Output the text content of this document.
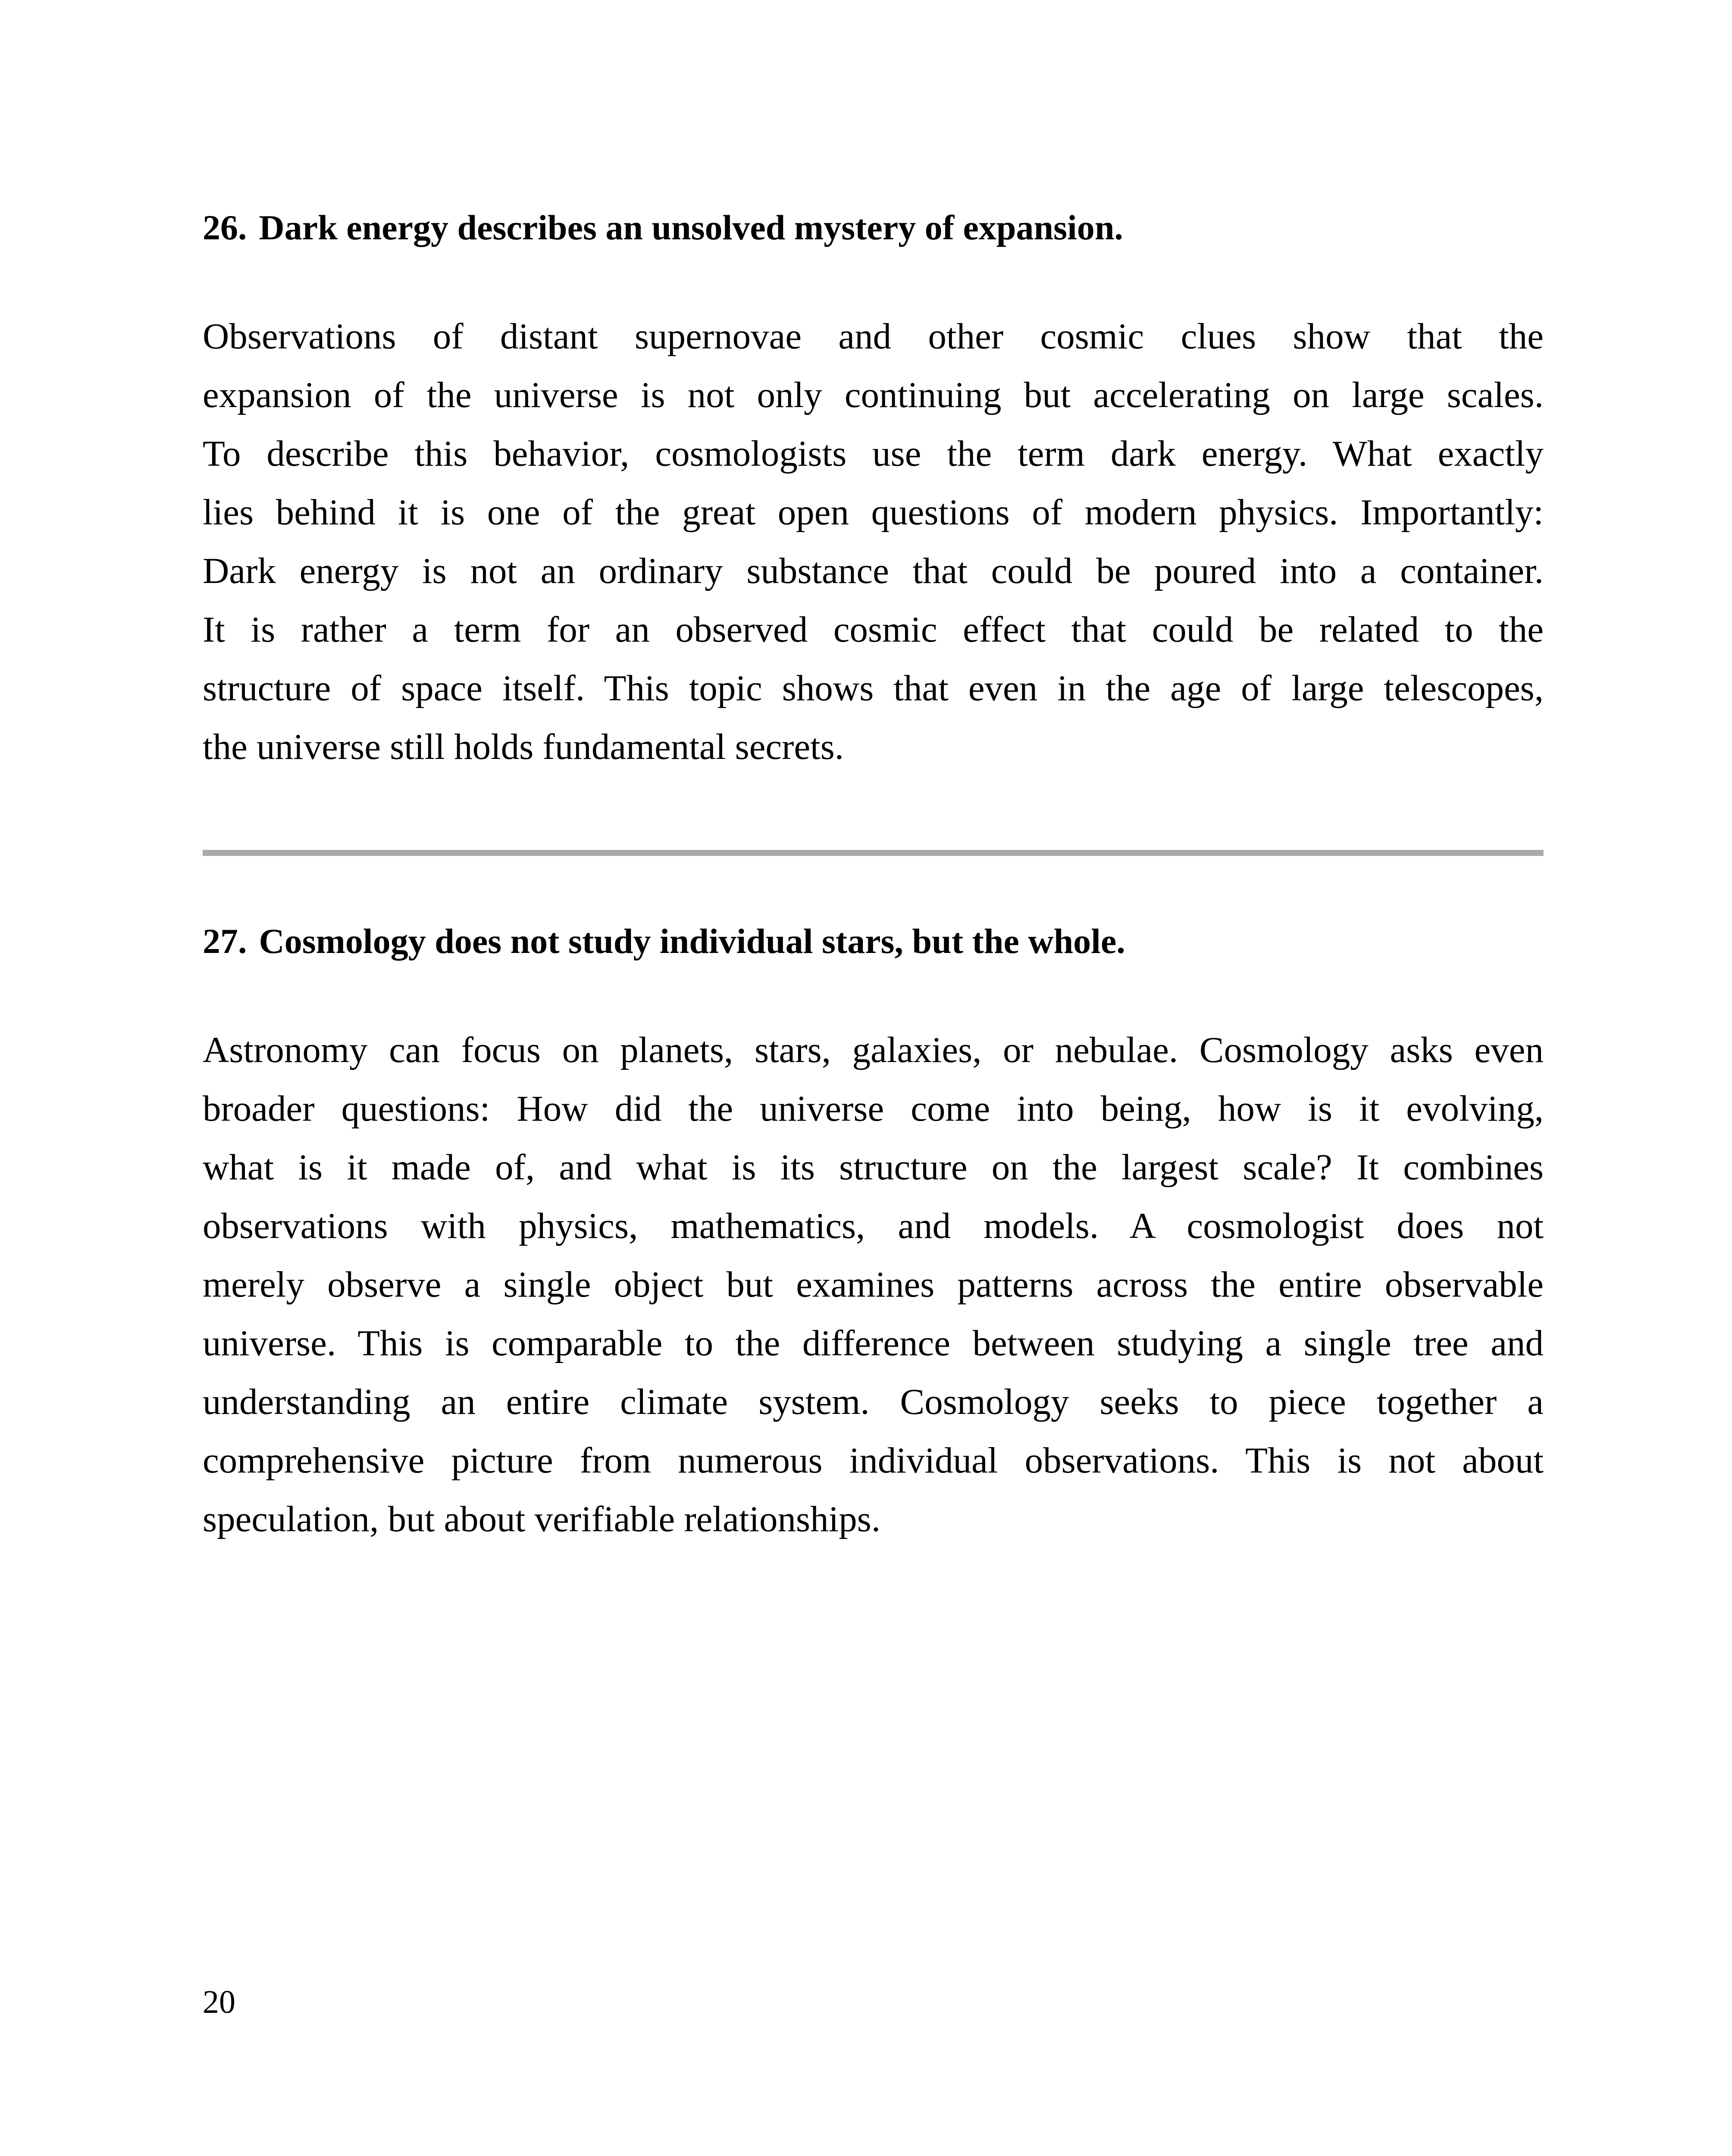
26. Dark energy describes an unsolved mystery of expansion.
Observations of distant supernovae and other cosmic clues show that the
expansion of the universe is not only continuing but accelerating on large scales.
To describe this behavior, cosmologists use the term dark energy. What exactly
lies behind it is one of the great open questions of modern physics. Importantly:
Dark energy is not an ordinary substance that could be poured into a container.
It is rather a term for an observed cosmic effect that could be related to the
structure of space itself. This topic shows that even in the age of large telescopes,
the universe still holds fundamental secrets.
27. Cosmology does not study individual stars, but the whole.
Astronomy can focus on planets, stars, galaxies, or nebulae. Cosmology asks even
broader questions: How did the universe come into being, how is it evolving,
what is it made of, and what is its structure on the largest scale? It combines
observations with physics, mathematics, and models. A cosmologist does not
merely observe a single object but examines patterns across the entire observable
universe. This is comparable to the difference between studying a single tree and
understanding an entire climate system. Cosmology seeks to piece together a
comprehensive picture from numerous individual observations. This is not about
speculation, but about verifiable relationships.
20
